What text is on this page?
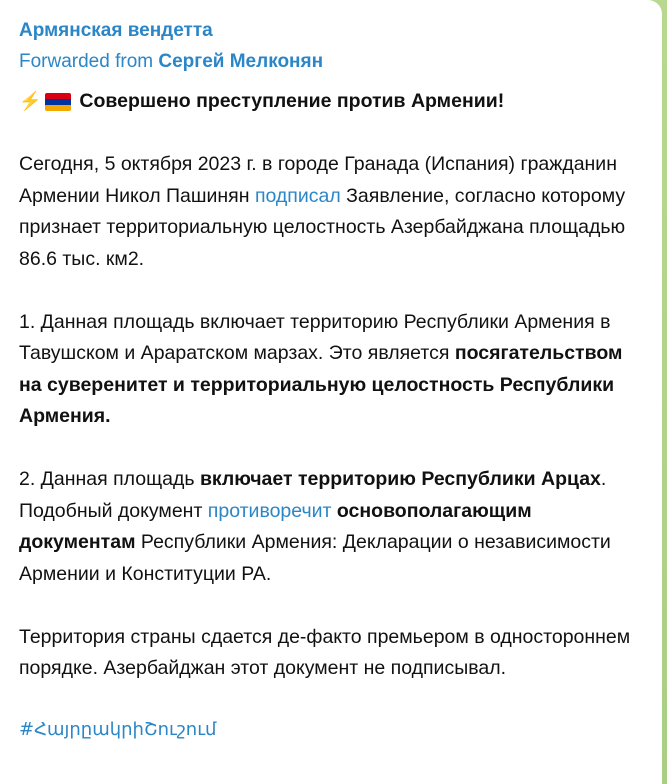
Армянская вендетта
Forwarded from Сергей Мелконян
⚡ Совершено преступление против Армении!
Сегодня, 5 октября 2023 г. в городе Гранада (Испания) гражданин Армении Никол Пашинян подписал Заявление, согласно которому признает территориальную целостность Азербайджана площадью 86.6 тыс. км2.
1. Данная площадь включает территорию Республики Армения в Тавушском и Араратском марзах. Это является посягательством на суверенитет и территориальную целостность Республики Армения.
2. Данная площадь включает территорию Республики Арцах. Подобный документ противоречит основополагающим документам Республики Армения: Декларации о независимости Армении и Конституции РА.
Территория страны сдается де-факто премьером в одностороннем порядке. Азербайджан этот документ не подписывал.
#ՀայրըակրիՇուշում
